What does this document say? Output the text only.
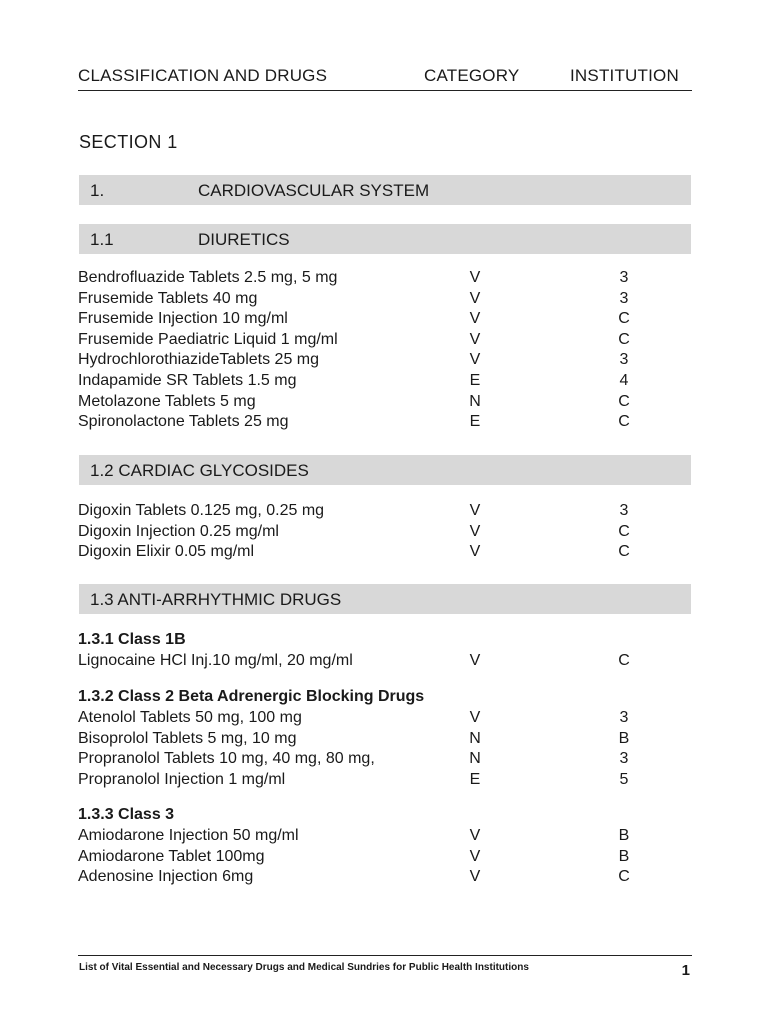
CLASSIFICATION AND DRUGS	CATEGORY	INSTITUTION
SECTION 1
1.	CARDIOVASCULAR SYSTEM
1.1	DIURETICS
Bendrofluazide Tablets 2.5 mg, 5 mg	V	3
Frusemide Tablets 40 mg	V	3
Frusemide Injection 10 mg/ml	V	C
Frusemide Paediatric Liquid 1 mg/ml	V	C
HydrochlorothiazideTablets 25 mg	V	3
Indapamide SR Tablets 1.5 mg	E	4
Metolazone Tablets 5 mg	N	C
Spironolactone Tablets 25 mg	E	C
1.2 CARDIAC GLYCOSIDES
Digoxin Tablets 0.125 mg, 0.25 mg	V	3
Digoxin Injection 0.25 mg/ml	V	C
Digoxin Elixir 0.05 mg/ml	V	C
1.3 ANTI-ARRHYTHMIC DRUGS
1.3.1 Class 1B
Lignocaine HCl Inj.10 mg/ml, 20 mg/ml	V	C
1.3.2 Class 2 Beta Adrenergic Blocking Drugs
Atenolol Tablets 50 mg, 100 mg	V	3
Bisoprolol Tablets 5 mg, 10 mg	N	B
Propranolol Tablets 10 mg, 40 mg, 80 mg,	N	3
Propranolol Injection 1 mg/ml	E	5
1.3.3 Class 3
Amiodarone Injection 50 mg/ml	V	B
Amiodarone Tablet 100mg	V	B
Adenosine Injection 6mg	V	C
List of Vital Essential and Necessary Drugs and Medical Sundries for Public Health Institutions	1
